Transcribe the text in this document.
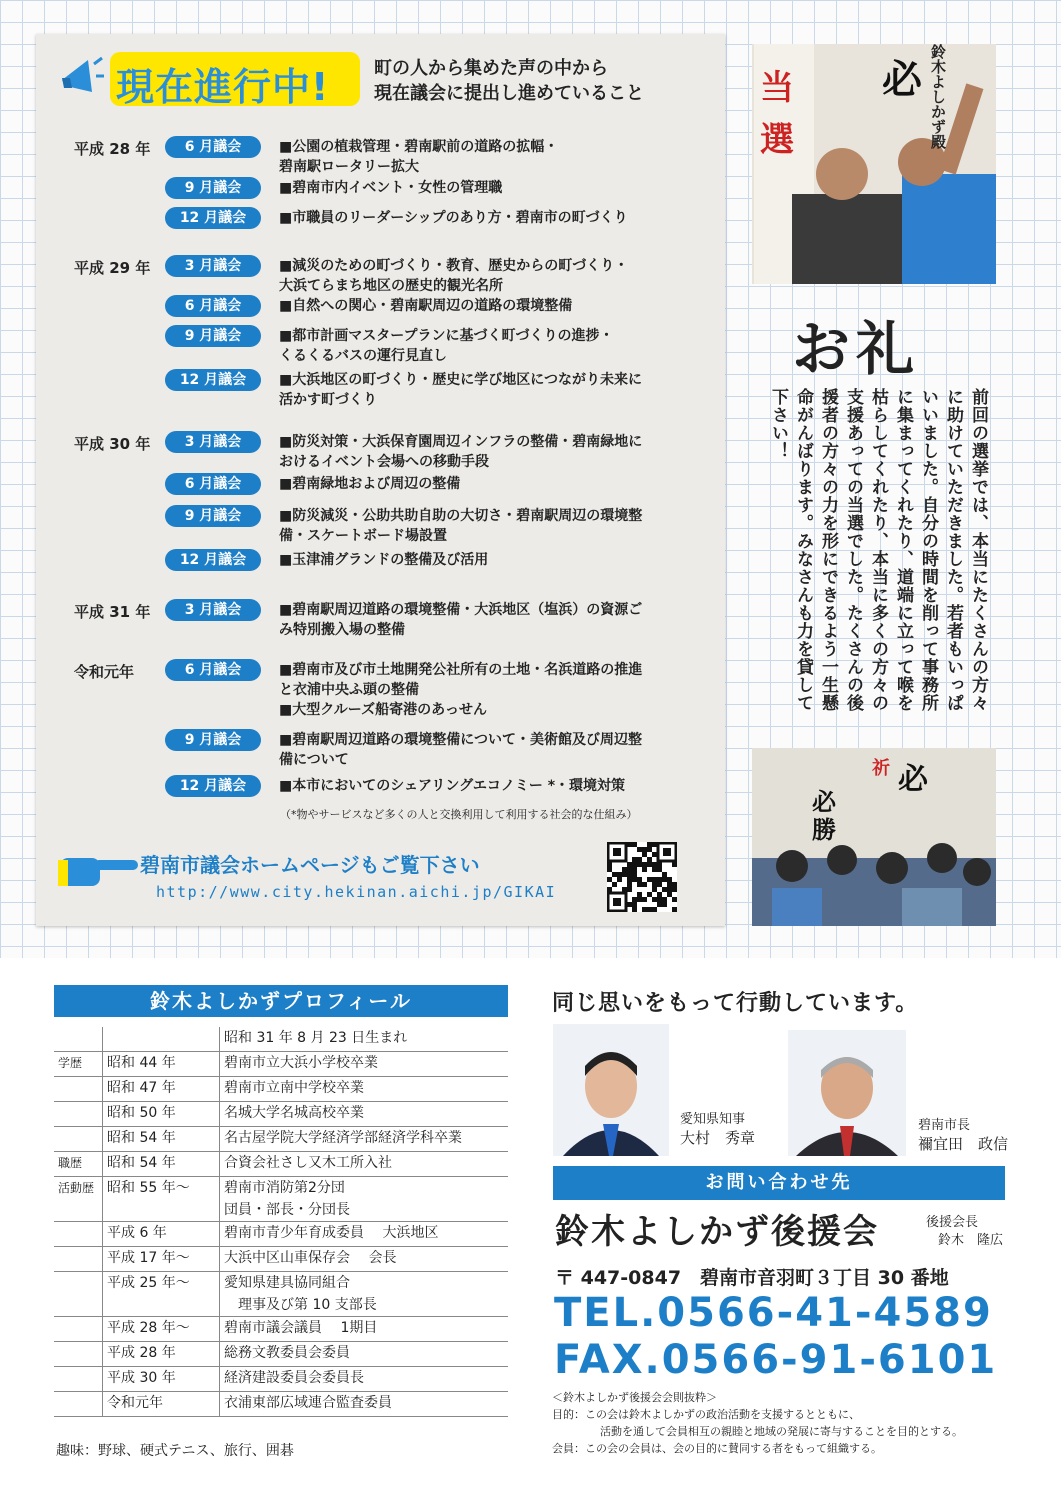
現在進行中! 町の人から集めた声の中から
現在議会に提出し進めていること
平成 28 年	6 月議会	■公園の植栽管理・碧南駅前の道路の拡幅・
碧南駅ロータリー拡大
9 月議会	■碧南市内イベント・女性の管理職
12 月議会	■市職員のリーダーシップのあり方・碧南市の町づくり
平成 29 年	3 月議会	■減災のための町づくり・教育、歴史からの町づくり・
大浜てらまち地区の歴史的観光名所
6 月議会	■自然への関心・碧南駅周辺の道路の環境整備
9 月議会	■都市計画マスタープランに基づく町づくりの進捗・
くるくるバスの運行見直し
12 月議会	■大浜地区の町づくり・歴史に学び地区につながり未来に
活かす町づくり
平成 30 年	3 月議会	■防災対策・大浜保育園周辺インフラの整備・碧南緑地に
おけるイベント会場への移動手段
6 月議会	■碧南緑地および周辺の整備
9 月議会	■防災減災・公助共助自助の大切さ・碧南駅周辺の環境整
備・スケートボード場設置
12 月議会	■玉津浦グランドの整備及び活用
平成 31 年	3 月議会	■碧南駅周辺道路の環境整備・大浜地区（塩浜）の資源ご
み特別搬入場の整備
令和元年	6 月議会	■碧南市及び市土地開発公社所有の土地・名浜道路の推進
と衣浦中央ふ頭の整備
■大型クルーズ船寄港のあっせん
9 月議会	■碧南駅周辺道路の環境整備について・美術館及び周辺整
備について
12 月議会	■本市においてのシェアリングエコノミー *・環境対策
（*物やサービスなど多くの人と交換利用して利用する社会的な仕組み）
碧南市議会ホームページもご覧下さい
http://www.city.hekinan.aichi.jp/GIKAI
当
選
必 鈴木よしかず殿
お礼
前回の選挙では、本当にたくさんの方々に助けていただきました。若者もいっぱいいました。自分の時間を削って事務所に集まってくれたり、道端に立って喉を枯らしてくれたり、本当に多くの方々の支援あっての当選でした。たくさんの後援者の方々の力を形にできるよう一生懸命がんばります。みなさんも力を貸して下さい！
必
必
勝
祈
鈴木よしかずプロフィール
		昭和 31 年 8 月 23 日生まれ
学歴	昭和 44 年	碧南市立大浜小学校卒業
	昭和 47 年	碧南市立南中学校卒業
	昭和 50 年	名城大学名城高校卒業
	昭和 54 年	名古屋学院大学経済学部経済学科卒業
職歴	昭和 54 年	合資会社さし又木工所入社
活動歴	昭和 55 年〜	碧南市消防第2分団
団員・部長・分団長
	平成 6 年	碧南市青少年育成委員　 大浜地区
	平成 17 年〜	大浜中区山車保存会　 会長
	平成 25 年〜	愛知県建具協同組合
　理事及び第 10 支部長
	平成 28 年〜	碧南市議会議員　 1期目
	平成 28 年	総務文教委員会委員
	平成 30 年	経済建設委員会委員長
	令和元年	衣浦東部広域連合監査委員
趣味：野球、硬式テニス、旅行、囲碁
同じ思いをもって行動しています。
愛知県知事
大村　秀章
碧南市長
禰宜田　政信
お問い合わせ先
鈴木よしかず後援会	後援会長
鈴木　隆広
〒 447-0847　碧南市音羽町３丁目 30 番地
TEL.0566-41-4589
FAX.0566-91-6101
＜鈴木よしかず後援会会則抜粋＞
目的：この会は鈴木よしかずの政治活動を支援するとともに、
活動を通して会員相互の親睦と地域の発展に寄与することを目的とする。
会員：この会の会員は、会の目的に賛同する者をもって組織する。
